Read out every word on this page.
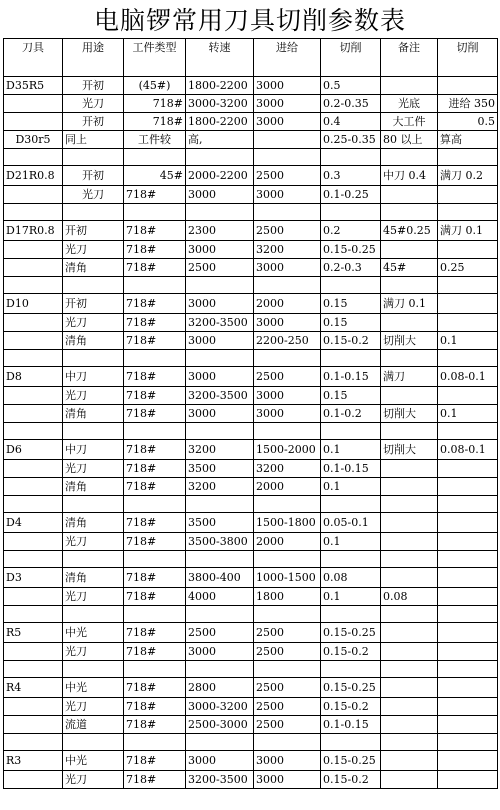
电脑锣常用刀具切削参数表
刀具	用途	工件类型	转速	进给	切削	备注	切削
D35R5	开初	(45#)	1800-2200	3000	0.5		
	光刀	718#	3000-3200	3000	0.2-0.35	光底	进给 350
	开初	718#	1800-2200	3000	0.4	大工件	0.5
D30r5	同上	工件较	高,		0.25-0.35	80 以上	算高

D21R0.8	开初	45#	2000-2200	2500	0.3	中刀 0.4	满刀 0.2
	光刀	718#	3000	3000	0.1-0.25		

D17R0.8	开初	718#	2300	2500	0.2	45#0.25	满刀 0.1
	光刀	718#	3000	3200	0.15-0.25		
	清角	718#	2500	3000	0.2-0.3	45#	0.25

D10	开初	718#	3000	2000	0.15	满刀 0.1	
	光刀	718#	3200-3500	3000	0.15		
	清角	718#	3000	2200-250	0.15-0.2	切削大	0.1

D8	中刀	718#	3000	2500	0.1-0.15	满刀	0.08-0.1
	光刀	718#	3200-3500	3000	0.15		
	清角	718#	3000	3000	0.1-0.2	切削大	0.1

D6	中刀	718#	3200	1500-2000	0.1	切削大	0.08-0.1
	光刀	718#	3500	3200	0.1-0.15		
	清角	718#	3200	2000	0.1		

D4	清角	718#	3500	1500-1800	0.05-0.1		
	光刀	718#	3500-3800	2000	0.1		

D3	清角	718#	3800-400	1000-1500	0.08		
	光刀	718#	4000	1800	0.1	0.08	

R5	中光	718#	2500	2500	0.15-0.25		
	光刀	718#	3000	2500	0.15-0.2		

R4	中光	718#	2800	2500	0.15-0.25		
	光刀	718#	3000-3200	2500	0.15-0.2		
	流道	718#	2500-3000	2500	0.1-0.15		

R3	中光	718#	3000	3000	0.15-0.25		
	光刀	718#	3200-3500	3000	0.15-0.2		
